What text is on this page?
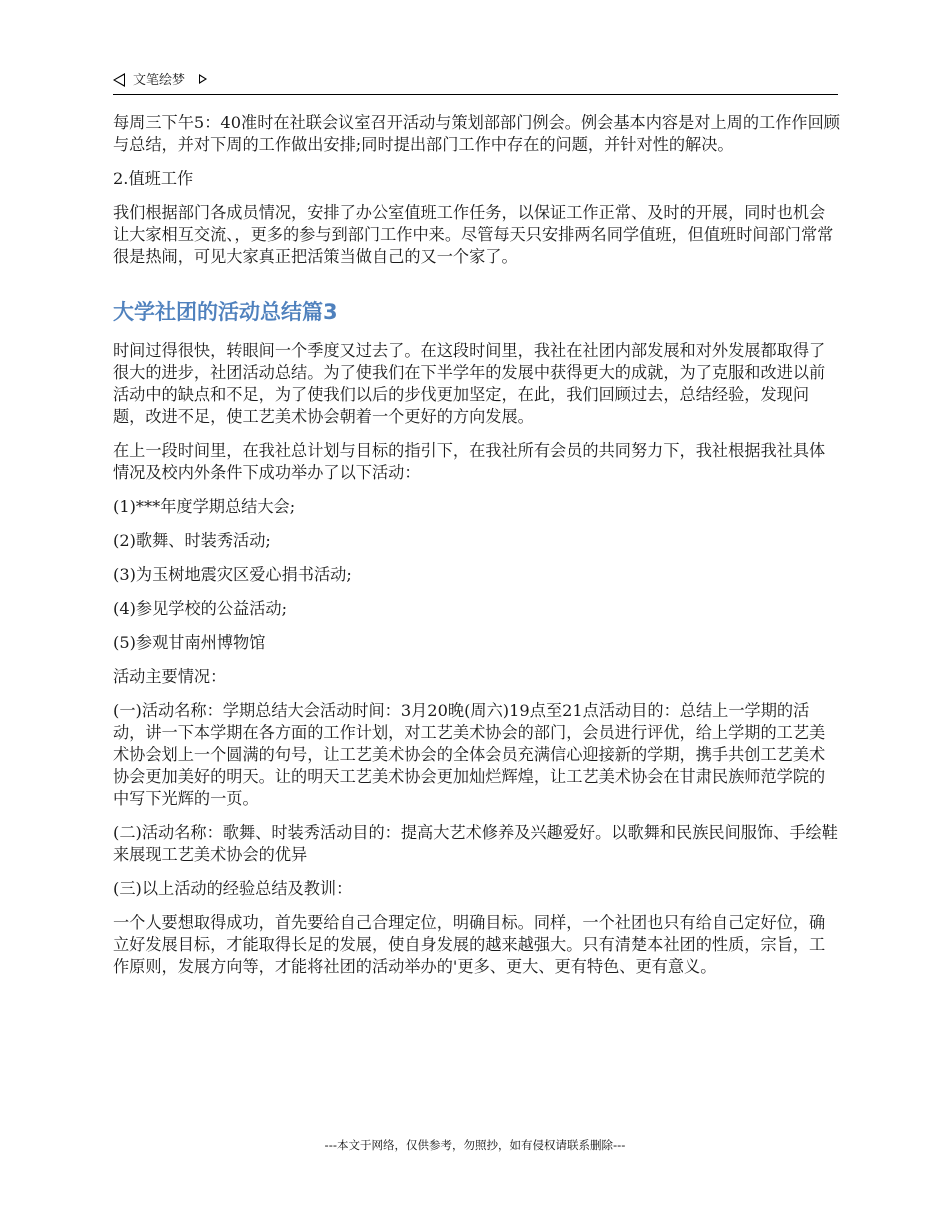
文笔绘梦

每周三下午5：40准时在社联会议室召开活动与策划部部门例会。例会基本内容是对上周的工作作回顾与总结，并对下周的工作做出安排;同时提出部门工作中存在的问题，并针对性的解决。

2.值班工作

我们根据部门各成员情况，安排了办公室值班工作任务，以保证工作正常、及时的开展，同时也机会让大家相互交流、，更多的参与到部门工作中来。尽管每天只安排两名同学值班，但值班时间部门常常很是热闹，可见大家真正把活策当做自己的又一个家了。

大学社团的活动总结篇3

时间过得很快，转眼间一个季度又过去了。在这段时间里，我社在社团内部发展和对外发展都取得了很大的进步，社团活动总结。为了使我们在下半学年的发展中获得更大的成就，为了克服和改进以前活动中的缺点和不足，为了使我们以后的步伐更加坚定，在此，我们回顾过去，总结经验，发现问题，改进不足，使工艺美术协会朝着一个更好的方向发展。

在上一段时间里，在我社总计划与目标的指引下，在我社所有会员的共同努力下，我社根据我社具体情况及校内外条件下成功举办了以下活动：

(1)***年度学期总结大会;

(2)歌舞、时装秀活动;

(3)为玉树地震灾区爱心捐书活动;

(4)参见学校的公益活动;

(5)参观甘南州博物馆

活动主要情况：

(一)活动名称：学期总结大会活动时间：3月20晚(周六)19点至21点活动目的：总结上一学期的活动，讲一下本学期在各方面的工作计划，对工艺美术协会的部门，会员进行评优，给上学期的工艺美术协会划上一个圆满的句号，让工艺美术协会的全体会员充满信心迎接新的学期，携手共创工艺美术协会更加美好的明天。让的明天工艺美术协会更加灿烂辉煌，让工艺美术协会在甘肃民族师范学院的中写下光辉的一页。

(二)活动名称：歌舞、时装秀活动目的：提高大艺术修养及兴趣爱好。以歌舞和民族民间服饰、手绘鞋来展现工艺美术协会的优异

(三)以上活动的经验总结及教训：

一个人要想取得成功，首先要给自己合理定位，明确目标。同样，一个社团也只有给自己定好位，确立好发展目标，才能取得长足的发展，使自身发展的越来越强大。只有清楚本社团的性质，宗旨，工作原则，发展方向等，才能将社团的活动举办的'更多、更大、更有特色、更有意义。

---本文于网络，仅供参考，勿照抄，如有侵权请联系删除---
